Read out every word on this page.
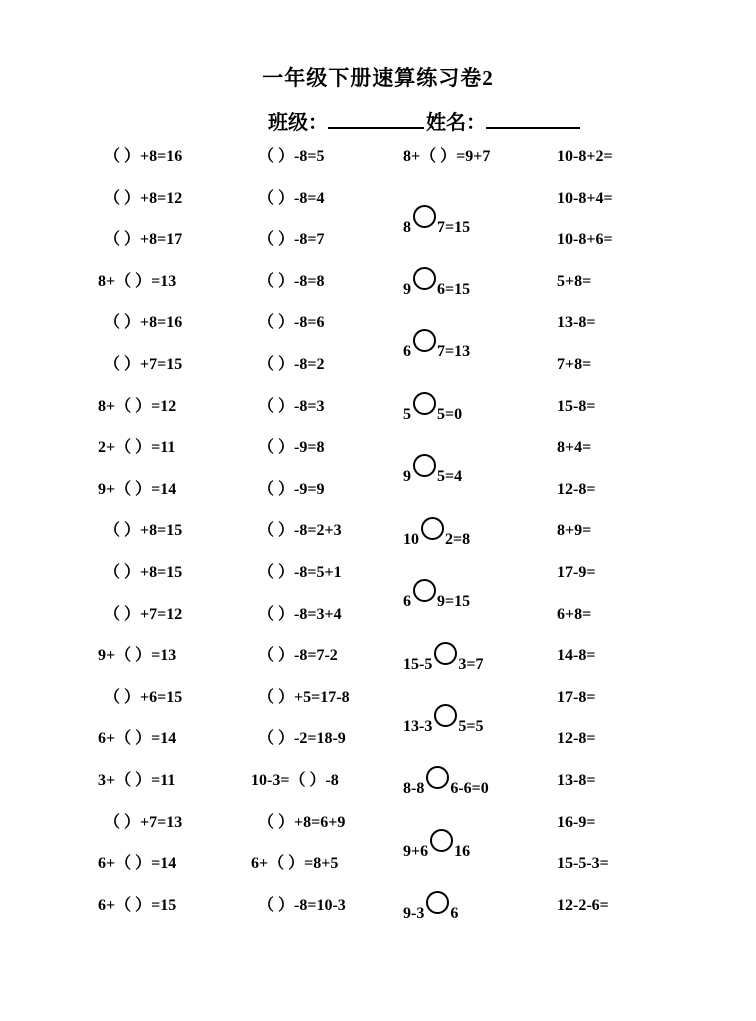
一年级下册速算练习卷2
班级：	姓名：
（ ）+8=16
（ ）+8=12
（ ）+8=17
8+（ ）=13
（ ）+8=16
（ ）+7=15
8+（ ）=12
2+（ ）=11
9+（ ）=14
（ ）+8=15
（ ）+8=15
（ ）+7=12
9+（ ）=13
（ ）+6=15
6+（ ）=14
3+（ ）=11
（ ）+7=13
6+（ ）=14
6+（ ）=15
（ ）-8=5
（ ）-8=4
（ ）-8=7
（ ）-8=8
（ ）-8=6
（ ）-8=2
（ ）-8=3
（ ）-9=8
（ ）-9=9
（ ）-8=2+3
（ ）-8=5+1
（ ）-8=3+4
（ ）-8=7-2
（ ）+5=17-8
（ ）-2=18-9
10-3=（ ）-8
（ ）+8=6+9
6+（ ）=8+5
（ ）-8=10-3
8+（ ）=9+7
8 7=15
9 6=15
6 7=13
5 5=0
9 5=4
10 2=8
6 9=15
15-5 3=7
13-3 5=5
8-8 6-6=0
9+6 16
9-3 6
10-8+2=
10-8+4=
10-8+6=
5+8=
13-8=
7+8=
15-8=
8+4=
12-8=
8+9=
17-9=
6+8=
14-8=
17-8=
12-8=
13-8=
16-9=
15-5-3=
12-2-6=
